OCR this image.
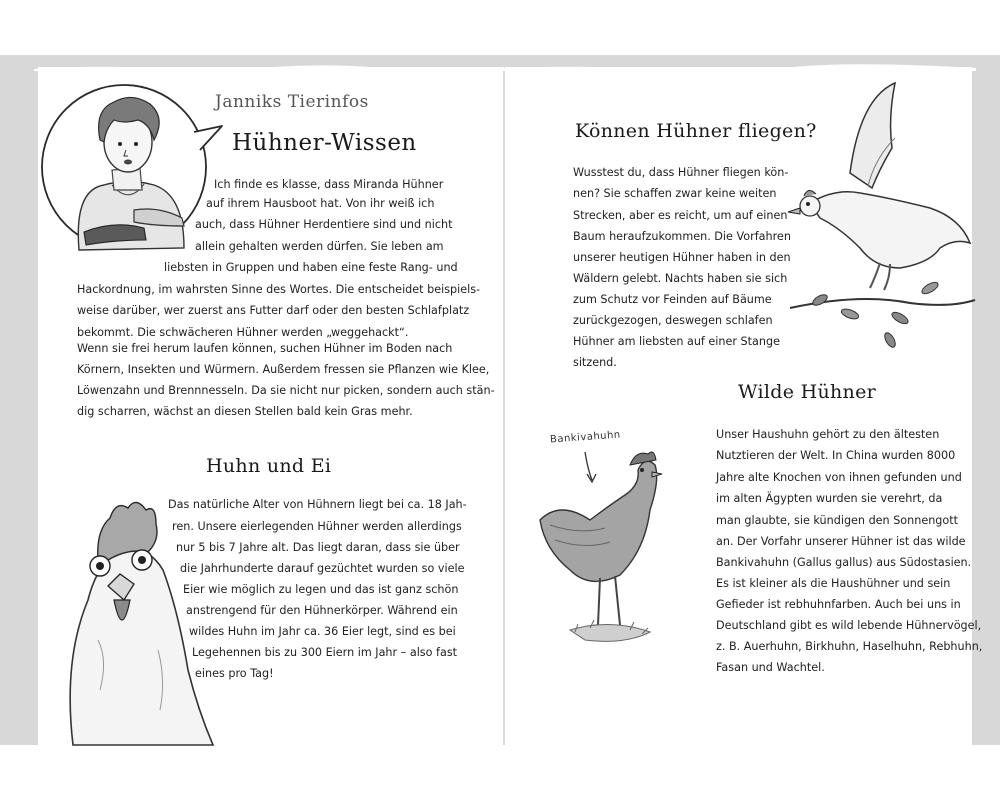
Janniks Tierinfos
Hühner-Wissen
Ich finde es klasse, dass Miranda Hühner
auf ihrem Hausboot hat. Von ihr weiß ich
auch, dass Hühner Herdentiere sind und nicht
allein gehalten werden dürfen. Sie leben am
liebsten in Gruppen und haben eine feste Rang- und
Hackordnung, im wahrsten Sinne des Wortes. Die entscheidet beispiels-
weise darüber, wer zuerst ans Futter darf oder den besten Schlafplatz
bekommt. Die schwächeren Hühner werden „weggehackt“.
Wenn sie frei herum laufen können, suchen Hühner im Boden nach
Körnern, Insekten und Würmern. Außerdem fressen sie Pflanzen wie Klee,
Löwenzahn und Brennnesseln. Da sie nicht nur picken, sondern auch stän-
dig scharren, wächst an diesen Stellen bald kein Gras mehr.
Huhn und Ei
Das natürliche Alter von Hühnern liegt bei ca. 18 Jah-
ren. Unsere eierlegenden Hühner werden allerdings
nur 5 bis 7 Jahre alt. Das liegt daran, dass sie über
die Jahrhunderte darauf gezüchtet wurden so viele
Eier wie möglich zu legen und das ist ganz schön
anstrengend für den Hühnerkörper. Während ein
wildes Huhn im Jahr ca. 36 Eier legt, sind es bei
Legehennen bis zu 300 Eiern im Jahr – also fast
eines pro Tag!
Können Hühner fliegen?
Wusstest du, dass Hühner fliegen kön-
nen? Sie schaffen zwar keine weiten
Strecken, aber es reicht, um auf einen
Baum heraufzukommen. Die Vorfahren
unserer heutigen Hühner haben in den
Wäldern gelebt. Nachts haben sie sich
zum Schutz vor Feinden auf Bäume
zurückgezogen, deswegen schlafen
Hühner am liebsten auf einer Stange
sitzend.
Wilde Hühner
Bankivahuhn	Unser Haushuhn gehört zu den ältesten
Nutztieren der Welt. In China wurden 8000
Jahre alte Knochen von ihnen gefunden und
im alten Ägypten wurden sie verehrt, da
man glaubte, sie kündigen den Sonnengott
an. Der Vorfahr unserer Hühner ist das wilde
Bankivahuhn (Gallus gallus) aus Südostasien.
Es ist kleiner als die Haushühner und sein
Gefieder ist rebhuhnfarben. Auch bei uns in
Deutschland gibt es wild lebende Hühnervögel,
z. B. Auerhuhn, Birkhuhn, Haselhuhn, Rebhuhn,
Fasan und Wachtel.
